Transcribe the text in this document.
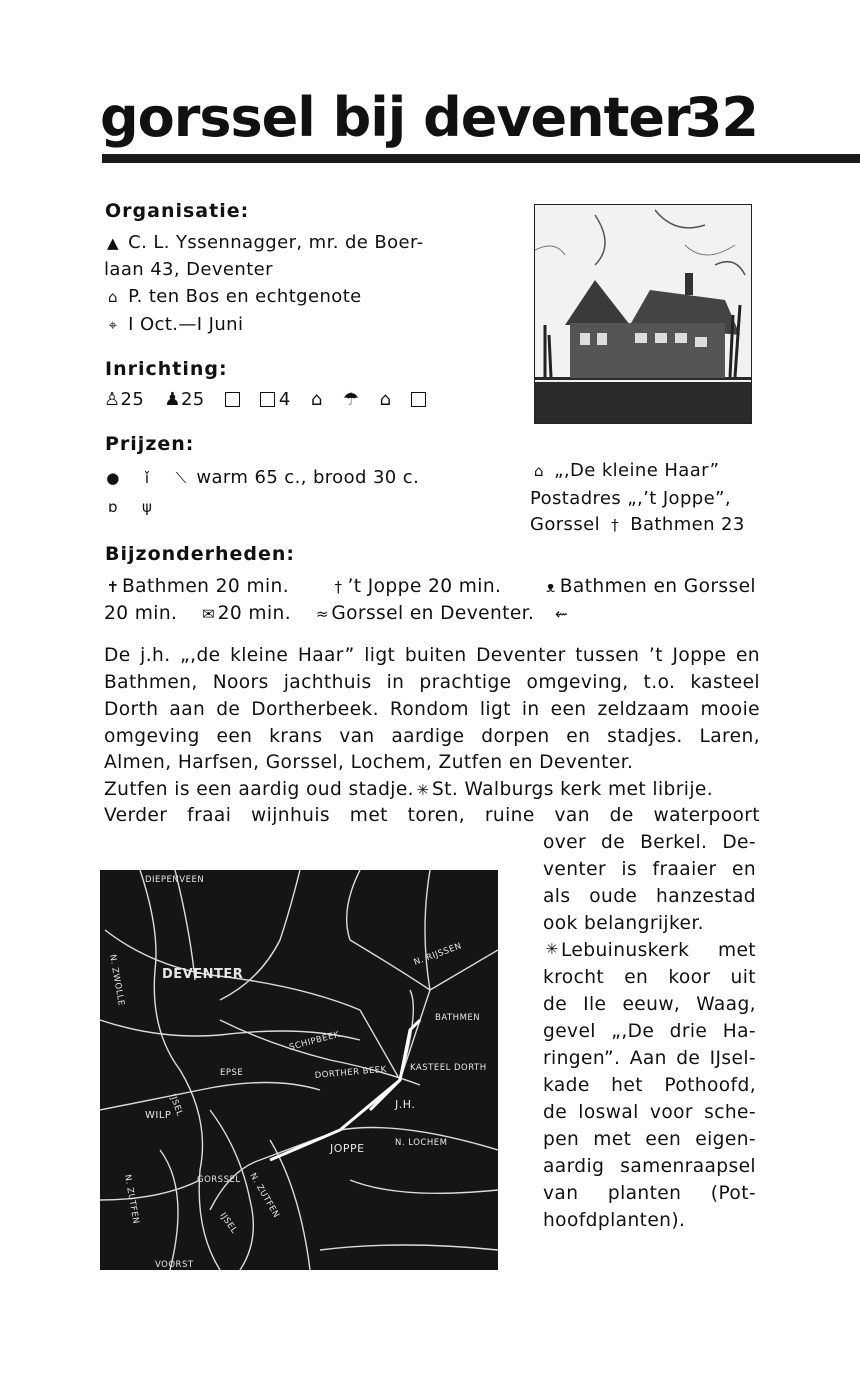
gorssel bij deventer
32
Organisatie:
▲ C. L. Yssennagger, mr. de Boer-
laan 43, Deventer
⌂ P. ten Bos en echtgenote
⌖ I Oct.—I Juni
Inrichting:
♙25 ♟25	4 ⌂ ☂ ⌂
Prijzen:
● ǐ ⟍ warm 65 c., brood 30 c.
ɒ ψ
⌂ „,De kleine Haar”
Postadres „,’t Joppe”,
Gorssel † Bathmen 23
Bijzonderheden:
✝ Bathmen 20 min.	† ’t Joppe 20 min.	ᴥ Bathmen en Gorssel
20 min. ✉ 20 min. ≈ Gorssel en Deventer. ⇜
De j.h. „,de kleine Haar” ligt buiten Deventer tussen ’t Joppe en
Bathmen, Noors jachthuis in prachtige omgeving, t.o. kasteel
Dorth aan de Dortherbeek. Rondom ligt in een zeldzaam mooie
omgeving een krans van aardige dorpen en stadjes. Laren,
Almen, Harfsen, Gorssel, Lochem, Zutfen en Deventer.
Zutfen is een aardig oud stadje. ✳ St. Walburgs kerk met librije.
Verder fraai wijnhuis met toren, ruine van de waterpoort
over de Berkel. De-
venter is fraaier en
als oude hanzestad
ook belangrijker.
✳ Lebuinuskerk met
krocht en koor uit
de Ile eeuw, Waag,
gevel „,De drie Ha-
ringen”. Aan de IJsel-
kade het Pothoofd,
de loswal voor sche-
pen met een eigen-
aardig samenraapsel
van planten (Pot-
hoofdplanten).
DIEPENVEEN
DEVENTER
N. RIJSSEN
N. ZWOLLE
BATHMEN
SCHIPBEEK
EPSE	DORTHER BEEK	KASTEEL DORTH
J.H.
IJSEL
WILP
JOPPE	N. LOCHEM
GORSSEL
N. ZUTFEN	N. ZUTFEN
IJSEL
VOORST
